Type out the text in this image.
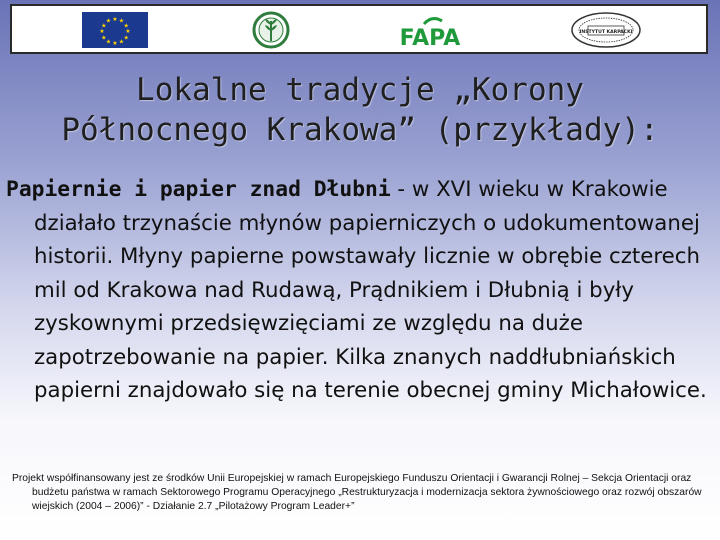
★ ★
★
★
★
★
★
★
★
★
★
★
FAPA	INSTYTUT KARPACKI
Lokalne tradycje „Korony
Północnego Krakowa” (przykłady):
Papiernie i papier znad Dłubni - w XVI wieku w Krakowie działało trzynaście młynów papierniczych o udokumentowanej historii. Młyny papierne powstawały licznie w obrębie czterech mil od Krakowa nad Rudawą, Prądnikiem i Dłubnią i były zyskownymi przedsięwzięciami ze względu na duże zapotrzebowanie na papier. Kilka znanych naddłubniańskich papierni znajdowało się na terenie obecnej gminy Michałowice.
Projekt współfinansowany jest ze środków Unii Europejskiej w ramach Europejskiego Funduszu Orientacji i Gwarancji Rolnej – Sekcja Orientacji oraz budżetu państwa w ramach Sektorowego Programu Operacyjnego „Restrukturyzacja i modernizacja sektora żywnościowego oraz rozwój obszarów wiejskich (2004 – 2006)” - Działanie 2.7 „Pilotażowy Program Leader+”
